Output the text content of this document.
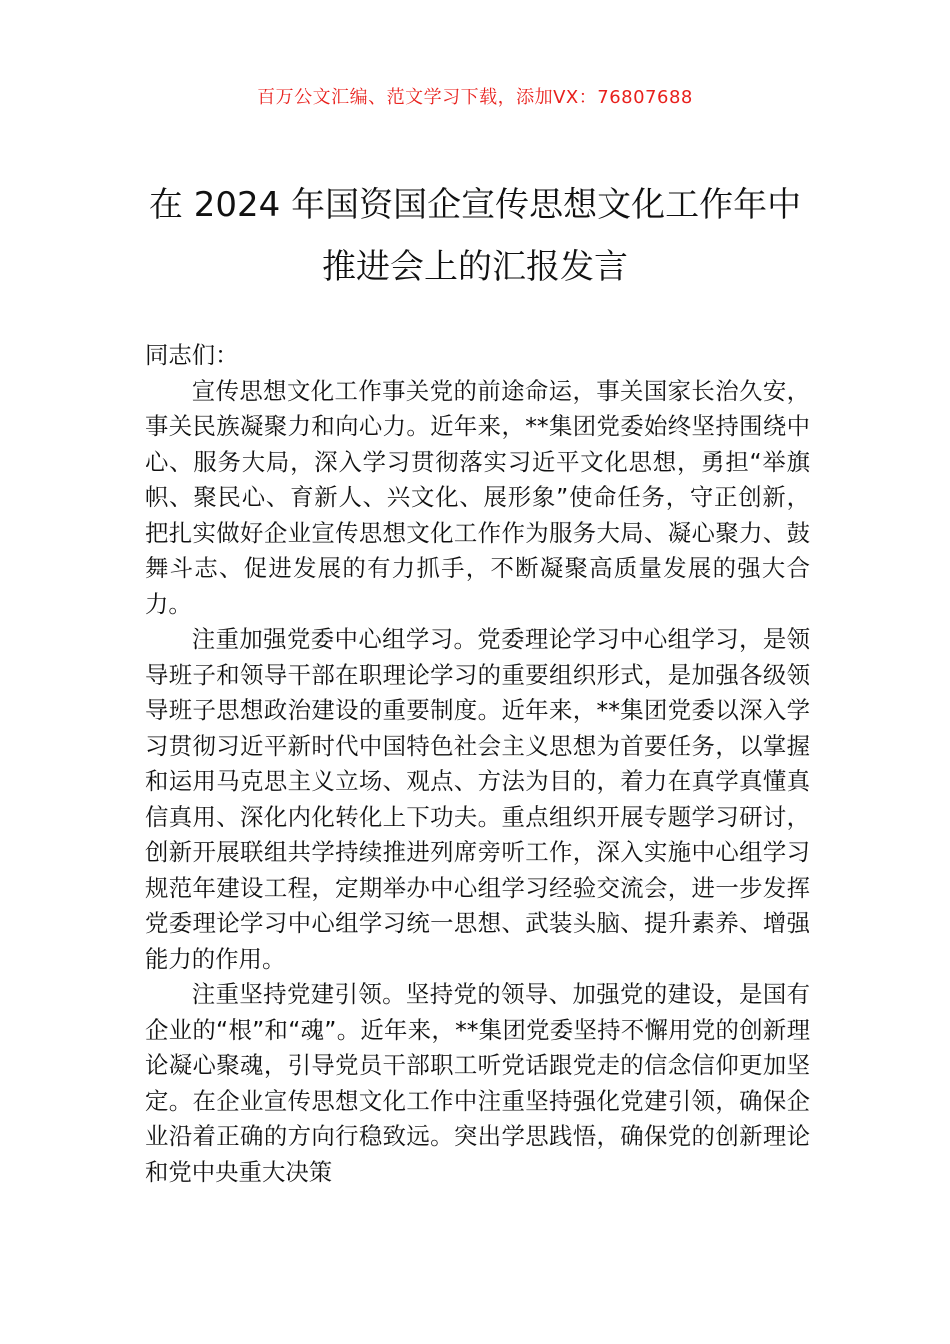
百万公文汇编、范文学习下载，添加VX：76807688
在 2024 年国资国企宣传思想文化工作年中
推进会上的汇报发言

同志们：

宣传思想文化工作事关党的前途命运，事关国家长治久安，事关民族凝聚力和向心力。近年来，**集团党委始终坚持围绕中心、服务大局，深入学习贯彻落实习近平文化思想，勇担“举旗帜、聚民心、育新人、兴文化、展形象”使命任务，守正创新，把扎实做好企业宣传思想文化工作作为服务大局、凝心聚力、鼓舞斗志、促进发展的有力抓手，不断凝聚高质量发展的强大合力。

注重加强党委中心组学习。党委理论学习中心组学习，是领导班子和领导干部在职理论学习的重要组织形式，是加强各级领导班子思想政治建设的重要制度。近年来，**集团党委以深入学习贯彻习近平新时代中国特色社会主义思想为首要任务，以掌握和运用马克思主义立场、观点、方法为目的，着力在真学真懂真信真用、深化内化转化上下功夫。重点组织开展专题学习研讨，创新开展联组共学持续推进列席旁听工作，深入实施中心组学习规范年建设工程，定期举办中心组学习经验交流会，进一步发挥党委理论学习中心组学习统一思想、武装头脑、提升素养、增强能力的作用。

注重坚持党建引领。坚持党的领导、加强党的建设，是国有企业的“根”和“魂”。近年来，**集团党委坚持不懈用党的创新理论凝心聚魂，引导党员干部职工听党话跟党走的信念信仰更加坚定。在企业宣传思想文化工作中注重坚持强化党建引领，确保企业沿着正确的方向行稳致远。突出学思践悟，确保党的创新理论和党中央重大决策
